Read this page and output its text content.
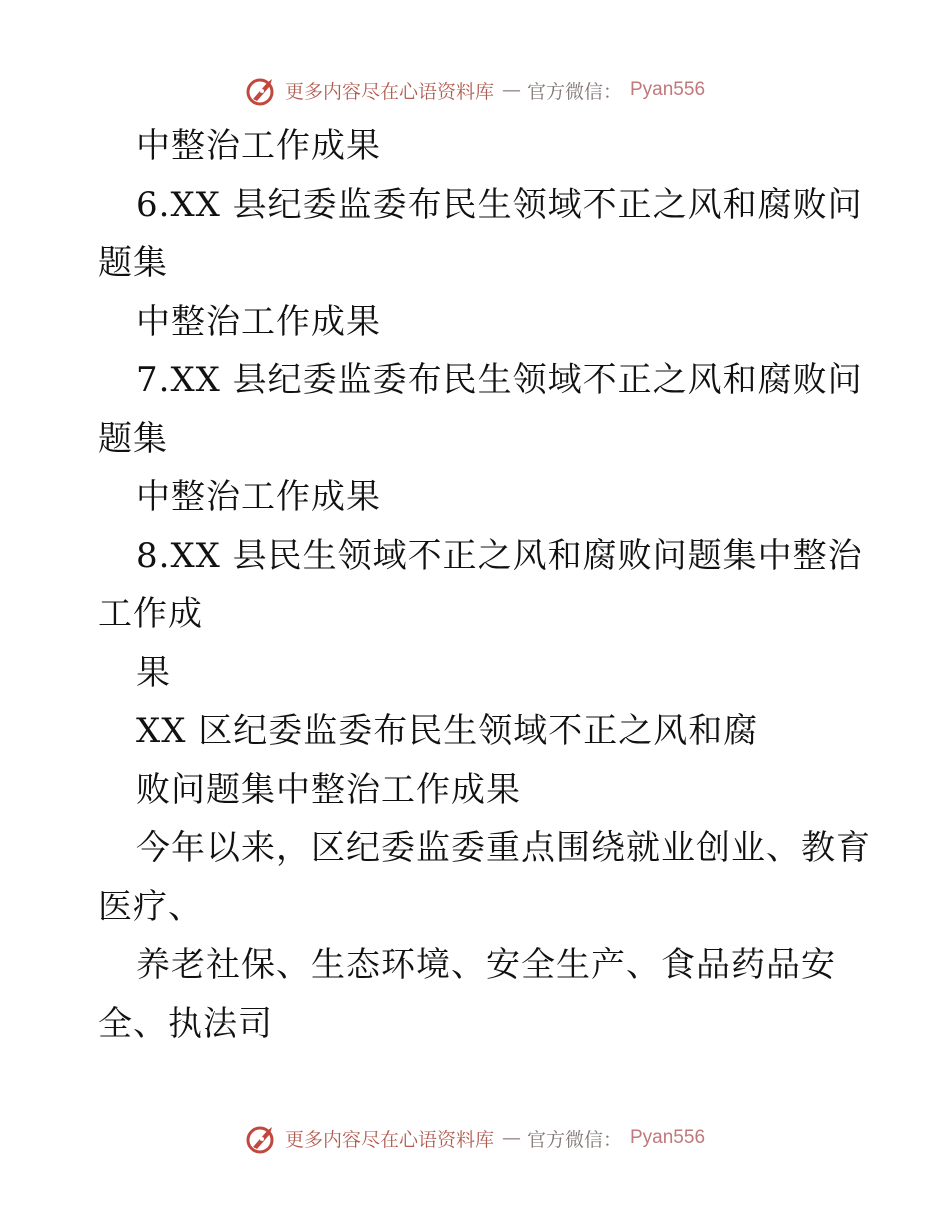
更多内容尽在心语资料库 — 官方微信： Pyan556
中整治工作成果
6.XX 县纪委监委布民生领域不正之风和腐败问
题集
中整治工作成果
7.XX 县纪委监委布民生领域不正之风和腐败问
题集
中整治工作成果
8.XX 县民生领域不正之风和腐败问题集中整治
工作成
果
XX 区纪委监委布民生领域不正之风和腐
败问题集中整治工作成果
今年以来，区纪委监委重点围绕就业创业、教育
医疗、
养老社保、生态环境、安全生产、食品药品安
全、执法司
更多内容尽在心语资料库 — 官方微信： Pyan556
